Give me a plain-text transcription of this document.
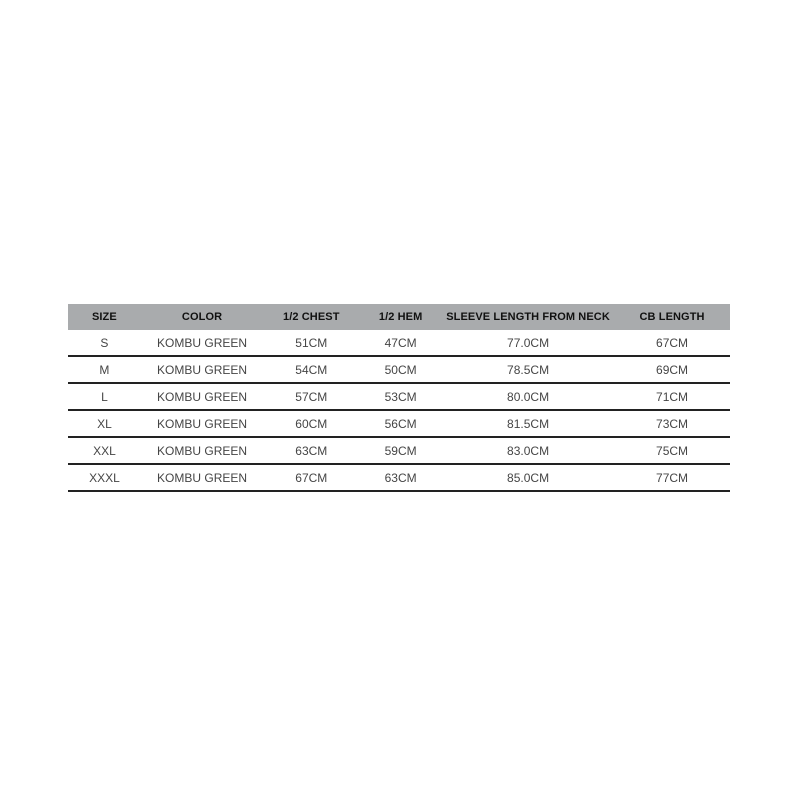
SIZE	COLOR	1/2 CHEST	1/2 HEM	SLEEVE LENGTH FROM NECK	CB LENGTH
S	KOMBU GREEN	51CM	47CM	77.0CM	67CM
M	KOMBU GREEN	54CM	50CM	78.5CM	69CM
L	KOMBU GREEN	57CM	53CM	80.0CM	71CM
XL	KOMBU GREEN	60CM	56CM	81.5CM	73CM
XXL	KOMBU GREEN	63CM	59CM	83.0CM	75CM
XXXL	KOMBU GREEN	67CM	63CM	85.0CM	77CM
